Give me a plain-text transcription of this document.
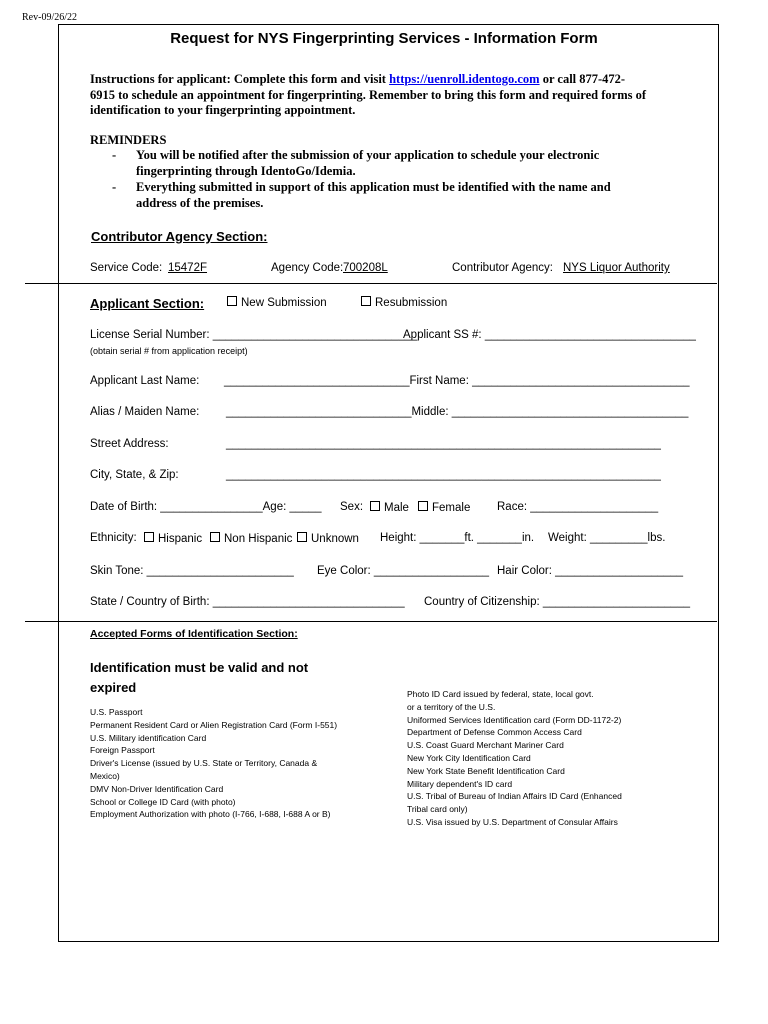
Rev-09/26/22
Request for NYS Fingerprinting Services - Information Form
Instructions for applicant: Complete this form and visit https://uenroll.identogo.com or call 877-472-6915 to schedule an appointment for fingerprinting. Remember to bring this form and required forms of identification to your fingerprinting appointment.
REMINDERS
- You will be notified after the submission of your application to schedule your electronic fingerprinting through IdentoGo/Idemia.
- Everything submitted in support of this application must be identified with the name and address of the premises.
Contributor Agency Section:
Service Code: 15472F	Agency Code: 700208L	Contributor Agency: NYS Liquor Authority
Applicant Section:	New Submission	Resubmission
License Serial Number: ________________________________
Applicant SS #: _________________________________
(obtain serial # from application receipt)
Applicant Last Name: _____________________________First Name: __________________________________
Alias / Maiden Name: _____________________________Middle: _____________________________________
Street Address:	____________________________________________________________________
City, State, & Zip:	____________________________________________________________________
Date of Birth: ________________Age: _____ Sex:	Male	Female Race: ____________________
Ethnicity:	Hispanic	Non Hispanic	Unknown Height: _______ft. _______in. Weight: _________lbs.
Skin Tone: _______________________ Eye Color: __________________ Hair Color: ____________________
State / Country of Birth: ______________________________ Country of Citizenship: _______________________
Accepted Forms of Identification Section:
Identification must be valid and not expired
U.S. Passport
Permanent Resident Card or Alien Registration Card (Form I-551)
U.S. Military identification Card
Foreign Passport
Driver's License (issued by U.S. State or Territory, Canada &
Mexico)
DMV Non-Driver Identification Card
School or College ID Card (with photo)
Employment Authorization with photo (I-766, I-688, I-688 A or B)
Photo ID Card issued by federal, state, local govt.
or a territory of the U.S.
Uniformed Services Identification card (Form DD-1172-2)
Department of Defense Common Access Card
U.S. Coast Guard Merchant Mariner Card
New York City Identification Card
New York State Benefit Identification Card
Military dependent's ID card
U.S. Tribal of Bureau of Indian Affairs ID Card (Enhanced
Tribal card only)
U.S. Visa issued by U.S. Department of Consular Affairs
